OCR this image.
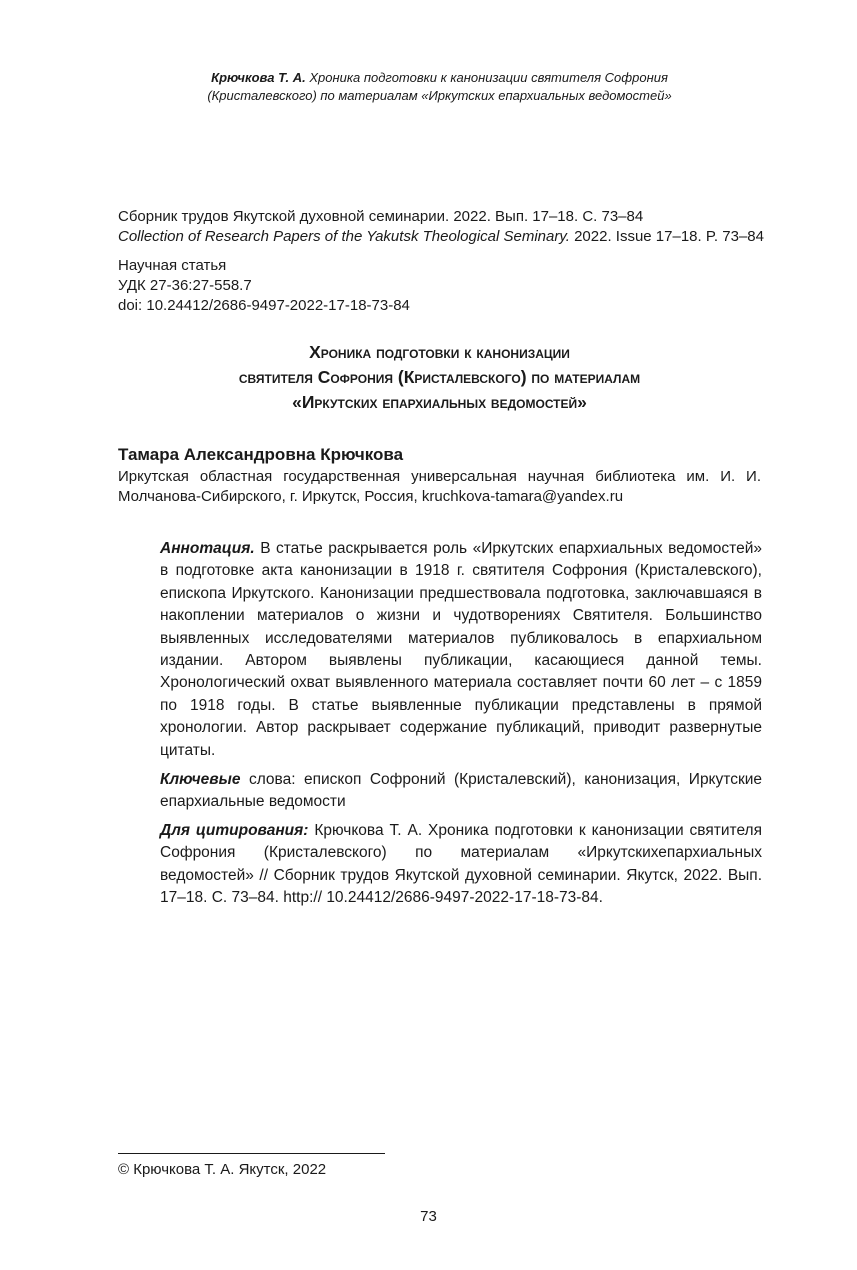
Крючкова Т. А. Хроника подготовки к канонизации святителя Софрония
(Кристалевского) по материалам «Иркутских епархиальных ведомостей»
Сборник трудов Якутской духовной семинарии. 2022. Вып. 17–18. С. 73–84
Collection of Research Papers of the Yakutsk Theological Seminary. 2022. Issue 17–18. P. 73–84
Научная статья
УДК 27-36:27-558.7
doi: 10.24412/2686-9497-2022-17-18-73-84
Хроника подготовки к канонизации
святителя Софрония (Кристалевского) по материалам
«Иркутских епархиальных ведомостей»
Тамара Александровна Крючкова
Иркутская областная государственная универсальная научная библиотека им. И. И. Молчанова-Сибирского, г. Иркутск, Россия, kruchkova-tamara@yandex.ru
Аннотация. В статье раскрывается роль «Иркутских епархиальных ведомостей» в подготовке акта канонизации в 1918 г. святителя Софрония (Кристалевского), епископа Иркутского. Канонизации предшествовала подготовка, заключавшаяся в накоплении материалов о жизни и чудотворениях Святителя. Большинство выявленных исследователями материалов публиковалось в епархиальном издании. Автором выявлены публикации, касающиеся данной темы. Хронологический охват выявленного материала составляет почти 60 лет – с 1859 по 1918 годы. В статье выявленные публикации представлены в прямой хронологии. Автор раскрывает содержание публикаций, приводит развернутые цитаты.
Ключевые слова: епископ Софроний (Кристалевский), канонизация, Иркутские епархиальные ведомости
Для цитирования: Крючкова Т. А. Хроника подготовки к канонизации святителя Софрония (Кристалевского) по материалам «Иркутскихепархиальных ведомостей» // Сборник трудов Якутской духовной семинарии. Якутск, 2022. Вып. 17–18. С. 73–84. http:// 10.24412/2686-9497-2022-17-18-73-84.
© Крючкова Т. А. Якутск, 2022
73
